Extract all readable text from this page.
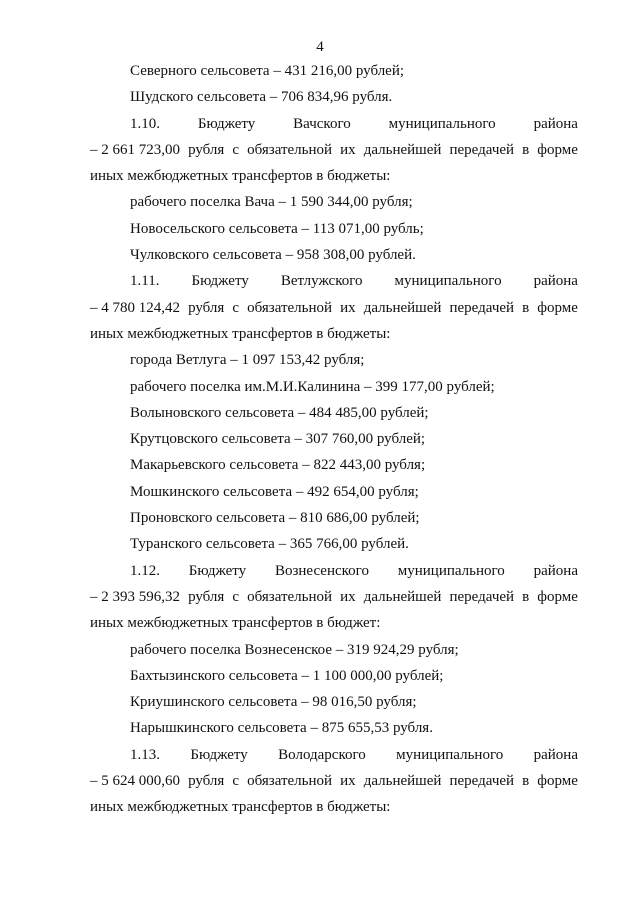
4
Северного сельсовета – 431 216,00 рублей;
Шудского сельсовета – 706 834,96 рубля.
1.10.	Бюджету	Вачского	муниципального	района
– 2 661 723,00 рубля с обязательной их дальнейшей передачей в форме
иных межбюджетных трансфертов в бюджеты:
рабочего поселка Вача – 1 590 344,00 рубля;
Новосельского сельсовета – 113 071,00 рубль;
Чулковского сельсовета – 958 308,00 рублей.
1.11. Бюджету Ветлужского муниципального района
– 4 780 124,42 рубля с обязательной их дальнейшей передачей в форме
иных межбюджетных трансфертов в бюджеты:
города Ветлуга – 1 097 153,42 рубля;
рабочего поселка им.М.И.Калинина – 399 177,00 рублей;
Волыновского сельсовета – 484 485,00 рублей;
Крутцовского сельсовета – 307 760,00 рублей;
Макарьевского сельсовета – 822 443,00 рубля;
Мошкинского сельсовета – 492 654,00 рубля;
Проновского сельсовета – 810 686,00 рублей;
Туранского сельсовета – 365 766,00 рублей.
1.12. Бюджету Вознесенского муниципального района
– 2 393 596,32 рубля с обязательной их дальнейшей передачей в форме
иных межбюджетных трансфертов в бюджет:
рабочего поселка Вознесенское – 319 924,29 рубля;
Бахтызинского сельсовета – 1 100 000,00 рублей;
Криушинского сельсовета – 98 016,50 рубля;
Нарышкинского сельсовета – 875 655,53 рубля.
1.13. Бюджету Володарского муниципального района
– 5 624 000,60 рубля с обязательной их дальнейшей передачей в форме
иных межбюджетных трансфертов в бюджеты:
